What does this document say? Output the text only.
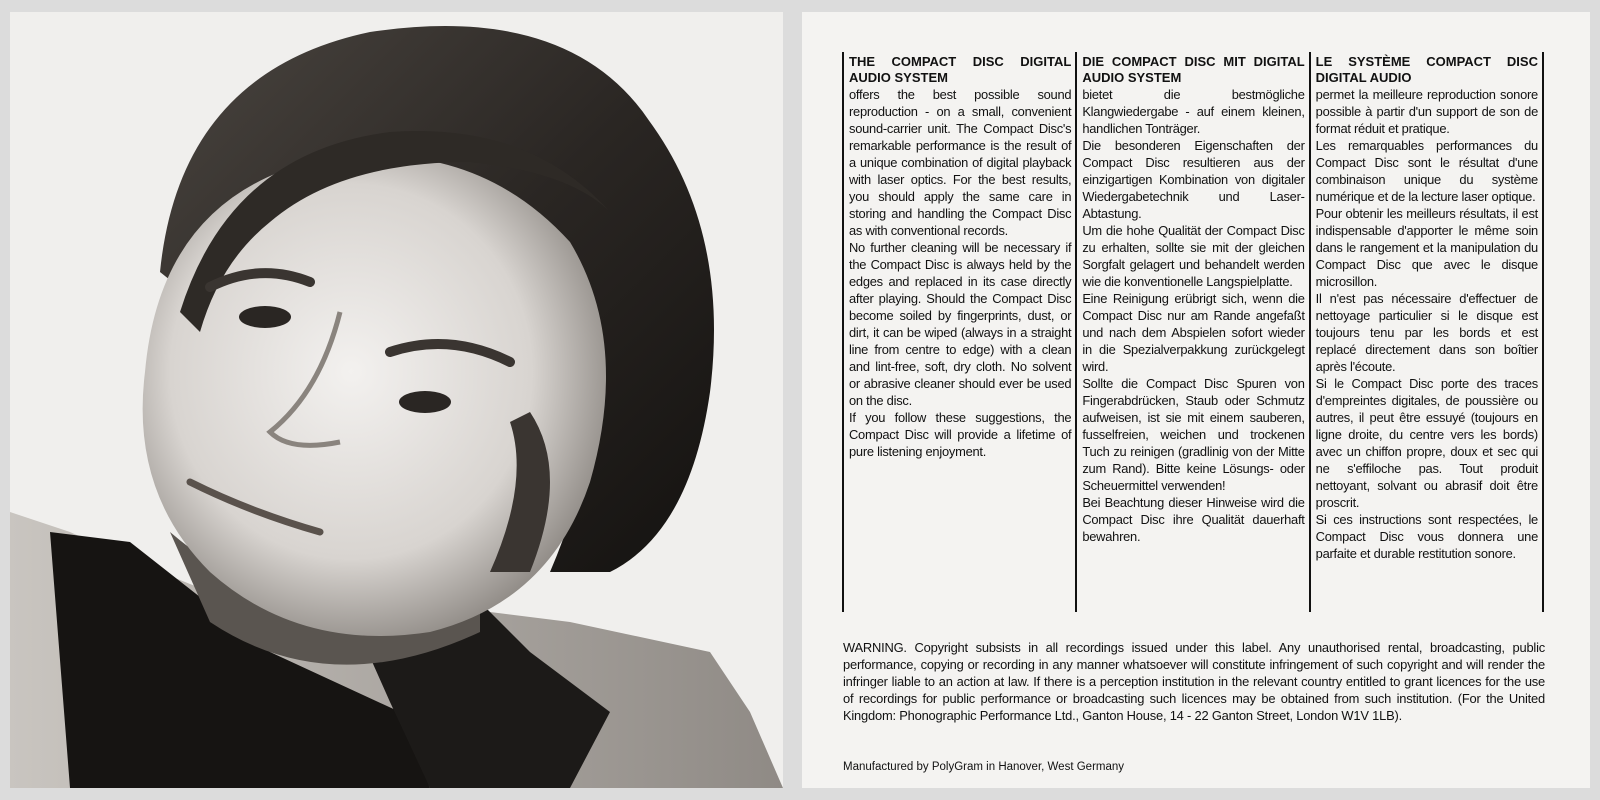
THE COMPACT DISC DIGITAL AUDIO SYSTEM

offers the best possible sound reproduction - on a small, convenient sound-carrier unit. The Compact Disc's remarkable performance is the result of a unique combination of digital playback with laser optics. For the best results, you should apply the same care in storing and handling the Compact Disc as with conventional records.

No further cleaning will be necessary if the Compact Disc is always held by the edges and replaced in its case directly after playing. Should the Compact Disc become soiled by fingerprints, dust, or dirt, it can be wiped (always in a straight line from centre to edge) with a clean and lint-free, soft, dry cloth. No solvent or abrasive cleaner should ever be used on the disc.

If you follow these suggestions, the Compact Disc will provide a lifetime of pure listening enjoyment.

DIE COMPACT DISC MIT DIGITAL AUDIO SYSTEM

bietet die bestmögliche Klangwiedergabe - auf einem kleinen, handlichen Tonträger.

Die besonderen Eigenschaften der Compact Disc resultieren aus der einzigartigen Kombination von digitaler Wiedergabetechnik und Laser-Abtastung.

Um die hohe Qualität der Compact Disc zu erhalten, sollte sie mit der gleichen Sorgfalt gelagert und behandelt werden wie die konventionelle Langspielplatte.

Eine Reinigung erübrigt sich, wenn die Compact Disc nur am Rande angefaßt und nach dem Abspielen sofort wieder in die Spezialverpakkung zurückgelegt wird.

Sollte die Compact Disc Spuren von Fingerabdrücken, Staub oder Schmutz aufweisen, ist sie mit einem sauberen, fusselfreien, weichen und trockenen Tuch zu reinigen (gradlinig von der Mitte zum Rand). Bitte keine Lösungs- oder Scheuermittel verwenden!

Bei Beachtung dieser Hinweise wird die Compact Disc ihre Qualität dauerhaft bewahren.

LE SYSTÈME COMPACT DISC DIGITAL AUDIO

permet la meilleure reproduction sonore possible à partir d'un support de son de format réduit et pratique.

Les remarquables performances du Compact Disc sont le résultat d'une combinaison unique du système numérique et de la lecture laser optique.

Pour obtenir les meilleurs résultats, il est indispensable d'apporter le même soin dans le rangement et la manipulation du Compact Disc que avec le disque microsillon.

Il n'est pas nécessaire d'effectuer de nettoyage particulier si le disque est toujours tenu par les bords et est replacé directement dans son boîtier après l'écoute.

Si le Compact Disc porte des traces d'empreintes digitales, de poussière ou autres, il peut être essuyé (toujours en ligne droite, du centre vers les bords) avec un chiffon propre, doux et sec qui ne s'effiloche pas. Tout produit nettoyant, solvant ou abrasif doit être proscrit.

Si ces instructions sont respectées, le Compact Disc vous donnera une parfaite et durable restitution sonore.

WARNING. Copyright subsists in all recordings issued under this label. Any unauthorised rental, broadcasting, public performance, copying or recording in any manner whatsoever will constitute infringement of such copyright and will render the infringer liable to an action at law. If there is a perception institution in the relevant country entitled to grant licences for the use of recordings for public performance or broadcasting such licences may be obtained from such institution. (For the United Kingdom: Phonographic Performance Ltd., Ganton House, 14 - 22 Ganton Street, London W1V 1LB).

Manufactured by PolyGram in Hanover, West Germany
